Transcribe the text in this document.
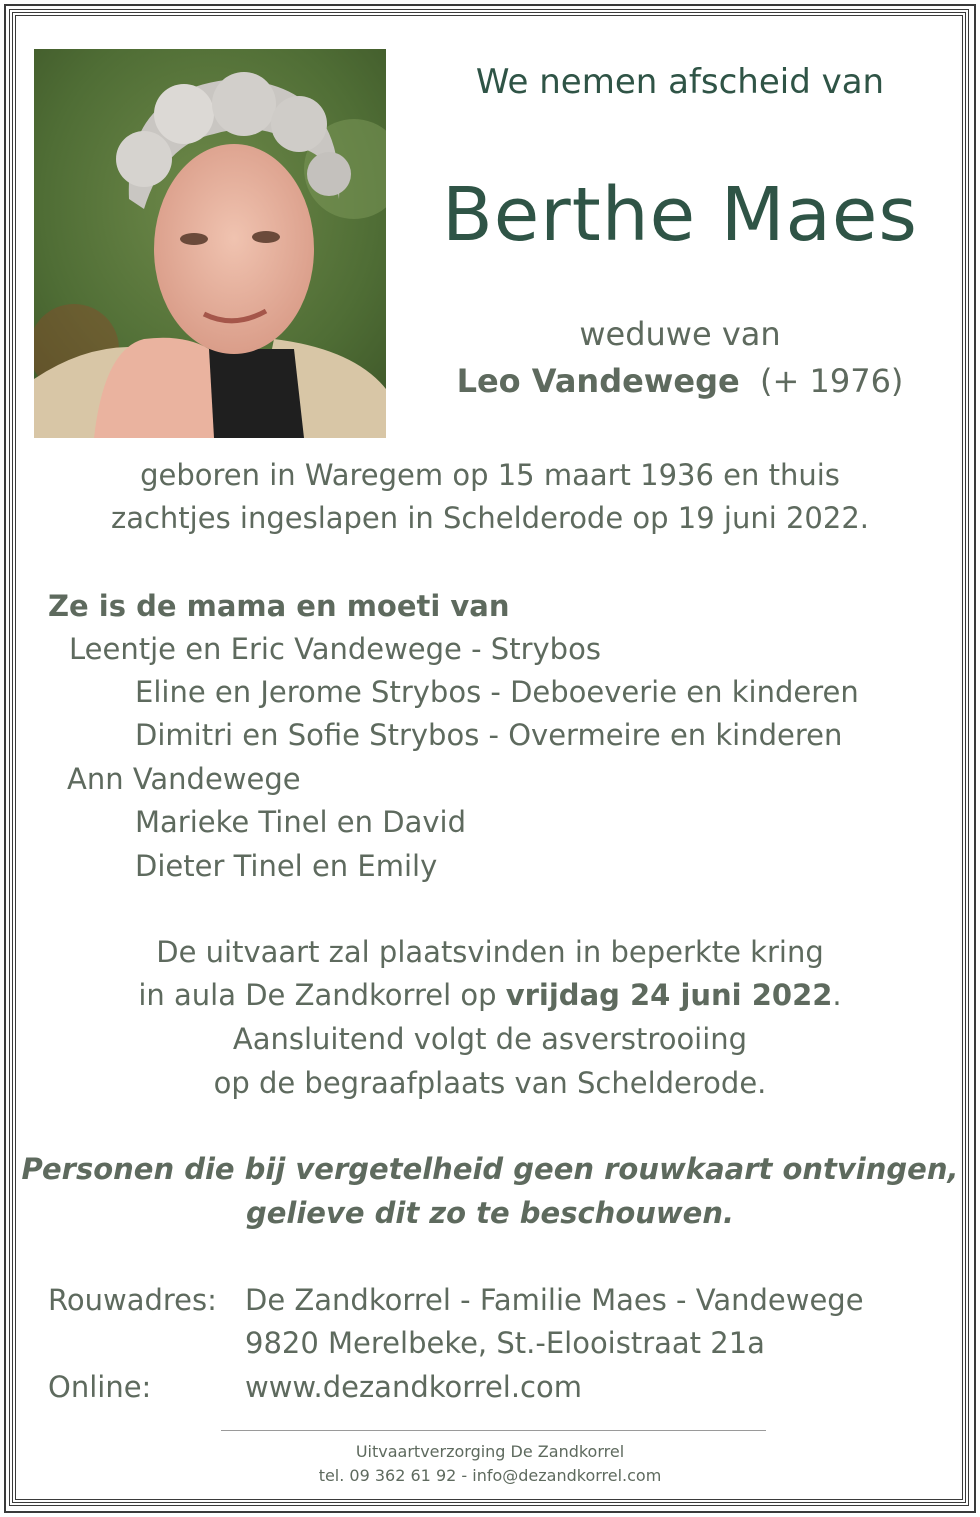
We nemen afscheid van
Berthe Maes
weduwe van
Leo Vandewege (+ 1976)
geboren in Waregem op 15 maart 1936 en thuis
zachtjes ingeslapen in Schelderode op 19 juni 2022.
Ze is de mama en moeti van
Leentje en Eric Vandewege - Strybos
Eline en Jerome Strybos - Deboeverie en kinderen
Dimitri en Sofie Strybos - Overmeire en kinderen
Ann Vandewege
Marieke Tinel en David
Dieter Tinel en Emily
De uitvaart zal plaatsvinden in beperkte kring
in aula De Zandkorrel op vrijdag 24 juni 2022.
Aansluitend volgt de asverstrooiing
op de begraafplaats van Schelderode.
Personen die bij vergetelheid geen rouwkaart ontvingen,
gelieve dit zo te beschouwen.
Rouwadres: De Zandkorrel - Familie Maes - Vandewege
9820 Merelbeke, St.-Elooistraat 21a
Online:	www.dezandkorrel.com
Uitvaartverzorging De Zandkorrel
tel. 09 362 61 92 - info@dezandkorrel.com
